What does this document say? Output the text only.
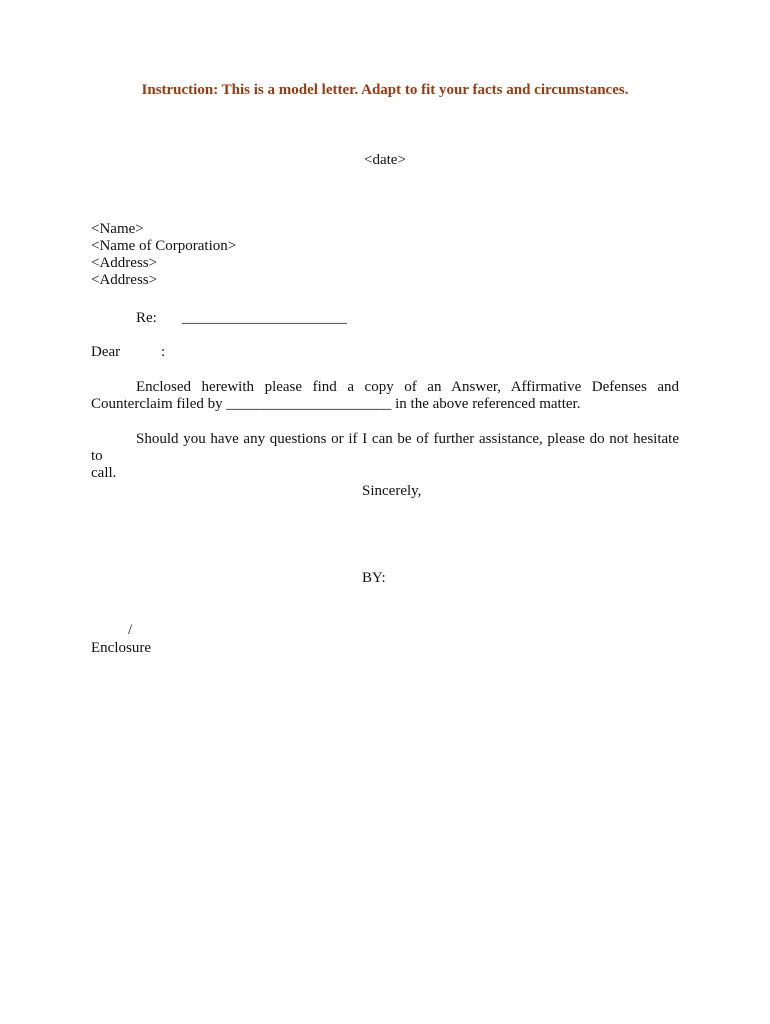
Instruction: This is a model letter. Adapt to fit your facts and circumstances.
<date>
<Name>
<Name of Corporation>
<Address>
<Address>
Re: ______________________
Dear	:
Enclosed herewith please find a copy of an Answer, Affirmative Defenses and
Counterclaim filed by ______________________ in the above referenced matter.
Should you have any questions or if I can be of further assistance, please do not hesitate to
call.
Sincerely,
BY:
/
Enclosure
